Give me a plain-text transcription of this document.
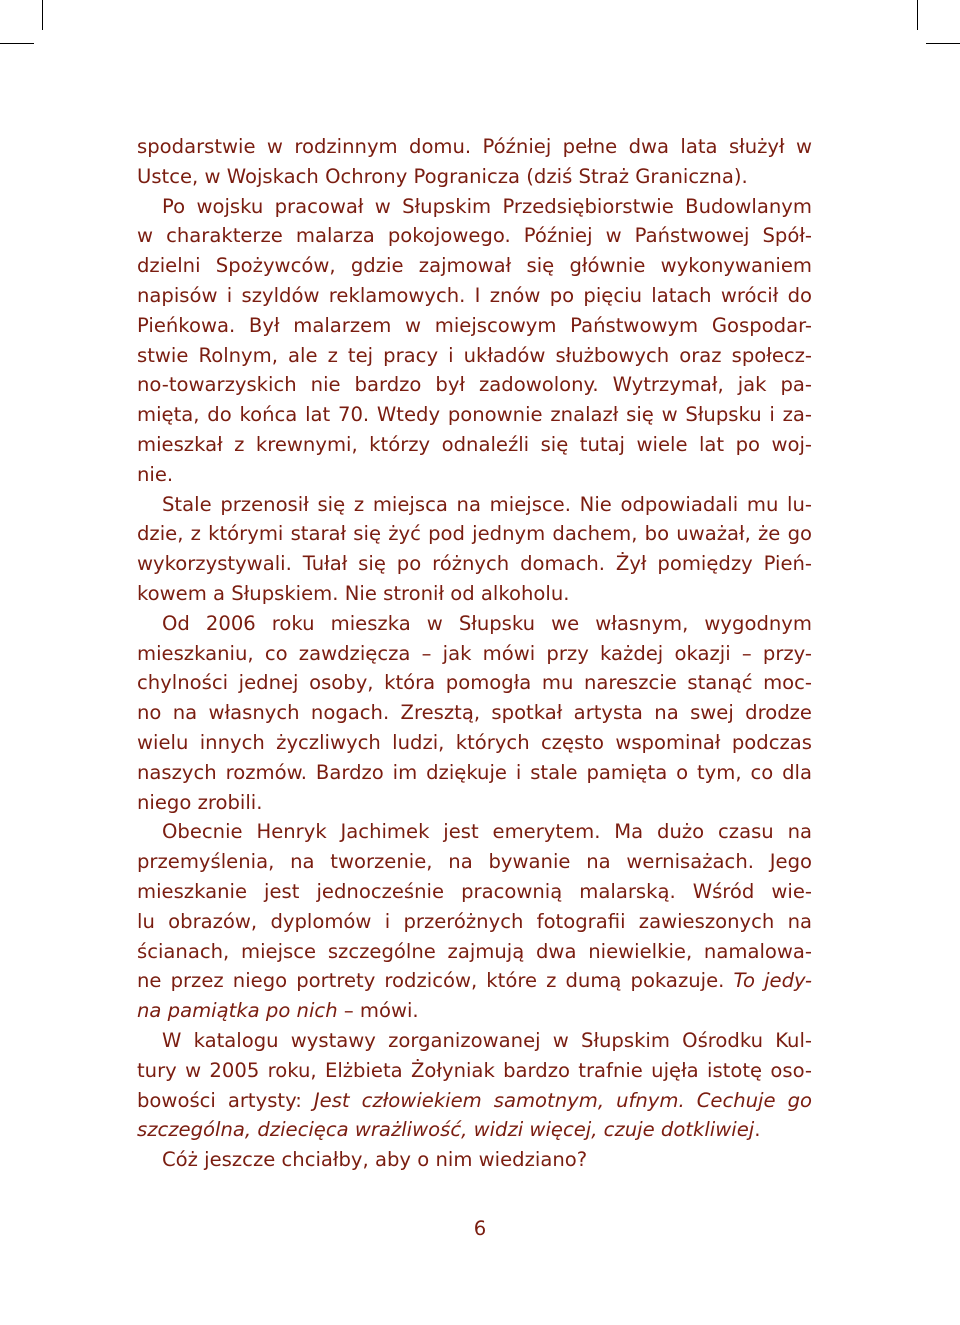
spodarstwie w rodzinnym domu. Później pełne dwa lata służył w
Ustce, w Wojskach Ochrony Pogranicza (dziś Straż Graniczna).
Po wojsku pracował w Słupskim Przedsiębiorstwie Budowlanym
w charakterze malarza pokojowego. Później w Państwowej Spół-
dzielni Spożywców, gdzie zajmował się głównie wykonywaniem
napisów i szyldów reklamowych. I znów po pięciu latach wrócił do
Pieńkowa. Był malarzem w miejscowym Państwowym Gospodar-
stwie Rolnym, ale z tej pracy i układów służbowych oraz społecz-
no-towarzyskich nie bardzo był zadowolony. Wytrzymał, jak pa-
mięta, do końca lat 70. Wtedy ponownie znalazł się w Słupsku i za-
mieszkał z krewnymi, którzy odnaleźli się tutaj wiele lat po woj-
nie.
Stale przenosił się z miejsca na miejsce. Nie odpowiadali mu lu-
dzie, z którymi starał się żyć pod jednym dachem, bo uważał, że go
wykorzystywali. Tułał się po różnych domach. Żył pomiędzy Pień-
kowem a Słupskiem. Nie stronił od alkoholu.
Od 2006 roku mieszka w Słupsku we własnym, wygodnym
mieszkaniu, co zawdzięcza – jak mówi przy każdej okazji – przy-
chylności jednej osoby, która pomogła mu nareszcie stanąć moc-
no na własnych nogach. Zresztą, spotkał artysta na swej drodze
wielu innych życzliwych ludzi, których często wspominał podczas
naszych rozmów. Bardzo im dziękuje i stale pamięta o tym, co dla
niego zrobili.
Obecnie Henryk Jachimek jest emerytem. Ma dużo czasu na
przemyślenia, na tworzenie, na bywanie na wernisażach. Jego
mieszkanie jest jednocześnie pracownią malarską. Wśród wie-
lu obrazów, dyplomów i przeróżnych fotografii zawieszonych na
ścianach, miejsce szczególne zajmują dwa niewielkie, namalowa-
ne przez niego portrety rodziców, które z dumą pokazuje. To jedy-
na pamiątka po nich – mówi.
W katalogu wystawy zorganizowanej w Słupskim Ośrodku Kul-
tury w 2005 roku, Elżbieta Żołyniak bardzo trafnie ujęła istotę oso-
bowości artysty: Jest człowiekiem samotnym, ufnym. Cechuje go
szczególna, dziecięca wrażliwość, widzi więcej, czuje dotkliwiej.
Cóż jeszcze chciałby, aby o nim wiedziano?
6
